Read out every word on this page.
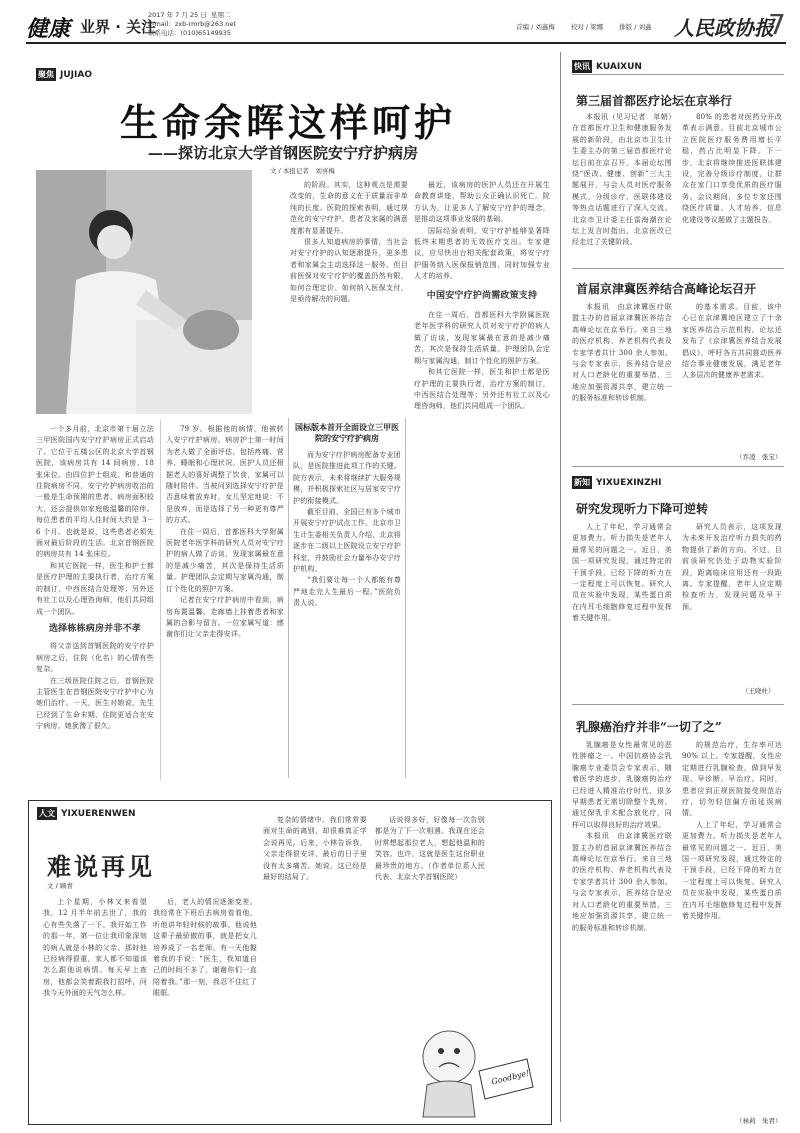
健康 业界 · 关注
2017 年 7 月 25 日 星期二
E-mail：zxb-rmrb@263.net
联系电话：(010)65149935
首编 / 刘鑫梅 校对 / 梁娜 排版 / 刘鑫 人民政协报
7
聚焦 JUJIAO
生命余晖这样呵护
——探访北京大学首钢医院安宁疗护病房
文 / 本报记者　刘喜梅

一个多月前，北京市第十届立法三甲医院国内安宁疗护病房正式启动了。它位于五楼公区的北京大学首钢医院，该病房共有 14 间病房、18 张床位。由四位护士组成。和普通的住院病房不同，安宁疗护病房收治的一般是生命预期的患者。病房面积较大，还会提供如家庭般温馨的陪伴。每位患者的平均入住时间大约是 3－6 个月。也就是说，这些患者必须先面对最后阶段的生活。北京首钢医院的病房共有 14 张床位。

和其它医院一样，医生和护士都是医疗护理的主要执行者，治疗方案的制订，中西医结合处理等；另外还有社工以及心理咨询师，他们共同组成一个团队。

选择栋栋病房并非不孝

将父亲送到首钢医院的安宁疗护病房之后，住院（化名）的心情有些复杂。

在三级医院住院之后，首钢医院主管医生在首钢医院安宁疗护中心为她们治疗。一天，医生对她说，先生已经到了生命末期，住院更适合在安宁病房。她犹豫了很久。

79 岁。根据他的病情，他被转入安宁疗护病房。病房护士第一时间为老人做了全面评估，包括疼痛、营养、睡眠和心理状况。医护人员还根据老人的喜好调整了饮食，家属可以随时陪伴。当被问到选择安宁疗护是否意味着放弃时，女儿坚定地说：不是放弃，而是选择了另一种更有尊严的方式。

在住一周后，首都医科大学附属医院老年医学科的研究人员对安宁疗护的病人做了访谈，发现家属最在意的是减少痛苦，其次是保持生活质量。护理团队会定期与家属沟通，制订个性化的照护方案。

记者在安宁疗护病房中看到，病房布置温馨，走廊墙上挂着患者和家属的合影与留言。一位家属写道：感谢你们让父亲走得安详。

国标版本首开全面设立三甲医院的安宁疗护病房

而为安宁疗护病房配备专业团队，是医院推进此项工作的关键。院方表示，未来将继续扩大服务规模，并积极探索社区与居家安宁疗护的衔接模式。

截至目前，全国已有多个城市开展安宁疗护试点工作。北京市卫生计生委相关负责人介绍，北京将逐步在二级以上医院设立安宁疗护科室，并鼓励社会力量举办安宁疗护机构。

“我们要让每一个人都能有尊严地走完人生最后一程。”医院负责人说。

的阶段。其实，这种观点是需要改变的，生命的意义在于质量而非单纯的长度。医院的探索表明，通过规范化的安宁疗护，患者及家属的满意度都有显著提升。

很多人知道病房的事情，当社会对安宁疗护的认知逐渐提升，更多患者和家属会主动选择这一服务。但目前医保对安宁疗护的覆盖仍然有限，如何合理定价、如何纳入医保支付，是亟待解决的问题。

最近，该病房的医护人员还在开展生命教育讲座，帮助公众正确认识死亡。院方认为，让更多人了解安宁疗护的理念，是推动这项事业发展的基础。

国际经验表明，安宁疗护能够显著降低终末期患者的无效医疗支出。专家建议，应尽快出台相关配套政策，将安宁疗护服务纳入医保报销范围，同时加强专业人才的培养。

中国安宁疗护尚需政策支持

在住一周后，首都医科大学附属医院老年医学科的研究人员对安宁疗护的病人做了访谈，发现家属最在意的是减少痛苦，其次是保持生活质量。护理团队会定期与家属沟通，制订个性化的照护方案。

和其它医院一样，医生和护士都是医疗护理的主要执行者，治疗方案的制订，中西医结合处理等；另外还有社工以及心理咨询师，他们共同组成一个团队。

人文 YIXUERENWEN
难说再见
文 / 顾青

上个星期，小林又来看望我，12 月半年前去世了，我的心有些失落了一下。我开始工作的那一年，第一位让我印象深刻的病人就是小林的父亲。那时他已经病得很重，家人都不知道该怎么跟他说病情。每天早上查房，他都会笑着跟我打招呼，问我今天外面的天气怎么样。

后，老人的情况逐渐变差。我经常在下班后去病房看看他，听他讲年轻时候的故事。他说他这辈子最骄傲的事，就是把女儿培养成了一名老师。有一天他握着我的手说：“医生，我知道自己的时间不多了，谢谢你们一直陪着我。”那一刻，我忍不住红了眼眶。

复杂的情绪中。我们常常要面对生命的离别，却很难真正学会说再见。后来，小林告诉我，父亲走得很安详，最后的日子里没有太多痛苦。她说，这已经是最好的结局了。

话说得多好，好像每一次告别都是为了下一次相遇。我现在还会时常想起那位老人，想起他温和的笑容。也许，这就是医生这份职业最珍贵的地方。（作者单位系人民代表、北京大学首钢医院）

Goodbye!
快讯 KUAIXUN
第三届首都医疗论坛在京举行

本报讯（见习记者　单朝）在首都医疗卫生和健康服务发展的新阶段，由北京市卫生计生委主办的第三届首都医疗论坛日前在京召开。本届论坛围绕“医改、健康、创新”三大主题展开，与会人员对医疗服务模式、分级诊疗、医联体建设等热点话题进行了深入交流。北京市卫计委主任雷海潮在论坛上发言时指出，北京医改已经走过了关键阶段。

80% 的患者对医药分开改革表示满意。目前北京城市公立医院医疗服务费用增长平稳，药占比明显下降。下一步，北京将继续推进医联体建设，完善分级诊疗制度，让群众在家门口享受优质的医疗服务。会议期间，多位专家还围绕医疗质量、人才培养、信息化建设等议题做了主题报告。

首届京津冀医养结合高峰论坛召开

本报讯　由京津冀医疗联盟主办的首届京津冀医养结合高峰论坛在京举行。来自三地的医疗机构、养老机构代表及专家学者共计 300 余人参加。与会专家表示，医养结合是应对人口老龄化的重要举措，三地应加强资源共享，建立统一的服务标准和转诊机制。

的基本需求。目前，该中心已在京津冀地区建立了十余家医养结合示范机构。论坛还发布了《京津冀医养结合发展倡议》，呼吁各方共同推动医养结合事业健康发展，满足老年人多层次的健康养老需求。

（乔凌　张宝）
新知 YIXUEXINZHI
研究发现听力下降可逆转

人上了年纪，学习通常会更加费力。听力损失是老年人最常见的问题之一。近日，美国一项研究发现，通过特定的干预手段，已经下降的听力在一定程度上可以恢复。研究人员在实验中发现，某些蛋白质在内耳毛细胞修复过程中发挥着关键作用。

研究人员表示，这项发现为未来开发治疗听力损失的药物提供了新的方向。不过，目前该研究仍处于动物实验阶段，距离临床应用还有一段距离。专家提醒，老年人应定期检查听力，发现问题及早干预。

（王晓杜）
乳腺癌治疗并非“一切了之”

乳腺癌是女性最常见的恶性肿瘤之一。中国抗癌协会乳腺癌专业委员会专家表示，随着医学的进步，乳腺癌的治疗已经进入精准治疗时代，很多早期患者无需切除整个乳房，通过保乳手术配合放化疗，同样可以取得良好的治疗效果。

本报讯　由京津冀医疗联盟主办的首届京津冀医养结合高峰论坛在京举行。来自三地的医疗机构、养老机构代表及专家学者共计 300 余人参加。与会专家表示，医养结合是应对人口老龄化的重要举措，三地应加强资源共享，建立统一的服务标准和转诊机制。

的规范治疗，生存率可达 90% 以上。专家提醒，女性应定期进行乳腺检查，做到早发现、早诊断、早治疗。同时，患者应到正规医院接受规范治疗，切勿轻信偏方而延误病情。

人上了年纪，学习通常会更加费力。听力损失是老年人最常见的问题之一。近日，美国一项研究发现，通过特定的干预手段，已经下降的听力在一定程度上可以恢复。研究人员在实验中发现，某些蛋白质在内耳毛细胞修复过程中发挥着关键作用。

（林莉　朱君）
